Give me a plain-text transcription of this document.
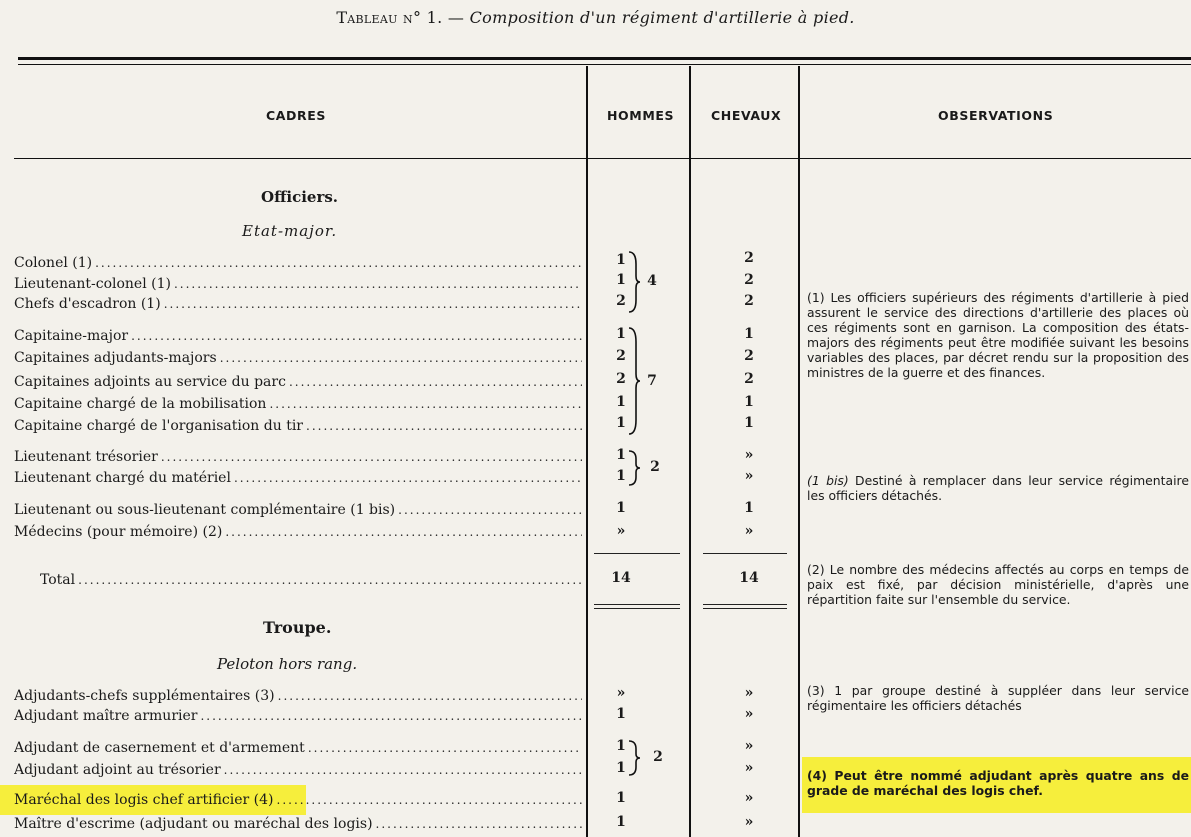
Tableau n° 1. — Composition d'un régiment d'artillerie à pied.
CADRES	HOMMES	CHEVAUX	OBSERVATIONS
Officiers.
Etat-major.
Colonel (1)
.....
Lieutenant-colonel (1)
.....
Chefs d'escadron (1)
.....
Capitaine-major
.....
Capitaines adjudants-majors
.....
Capitaines adjoints au service du parc
.....
Capitaine chargé de la mobilisation
.....
Capitaine chargé de l'organisation du tir
.....
Lieutenant trésorier
.....
Lieutenant chargé du matériel
.....
Lieutenant ou sous-lieutenant complémentaire (1 bis)
.....
Médecins (pour mémoire) (2)
.....
1
1
2
1
2
2
1
1
1
1
1
»
4
7
2
2
2
2
1
2
2
1
1
»
»
1
»
Total
.....	14	14
Troupe.
Peloton hors rang.
Adjudants-chefs supplémentaires (3)
.....
Adjudant maître armurier
.....
Adjudant de casernement et d'armement
.....
Adjudant adjoint au trésorier
.....
Maréchal des logis chef artificier (4)
.....
Maître d'escrime (adjudant ou maréchal des logis)
.....
»
1
1
1
1
1
2
»
»
»
»
»
»
(1) Les officiers supérieurs des régiments d'artillerie à pied assurent le service des directions d'artillerie des places où ces régiments sont en garnison. La composition des états-majors des régiments peut être modifiée suivant les besoins variables des places, par décret rendu sur la proposition des ministres de la guerre et des finances.
(1 bis) Destiné à remplacer dans leur service régimentaire les officiers détachés.
(2) Le nombre des médecins affectés au corps en temps de paix est fixé, par décision ministérielle, d'après une répartition faite sur l'ensemble du service.
(3) 1 par groupe destiné à suppléer dans leur service régimentaire les officiers détachés
(4) Peut être nommé adjudant après quatre ans de grade de maréchal des logis chef.
